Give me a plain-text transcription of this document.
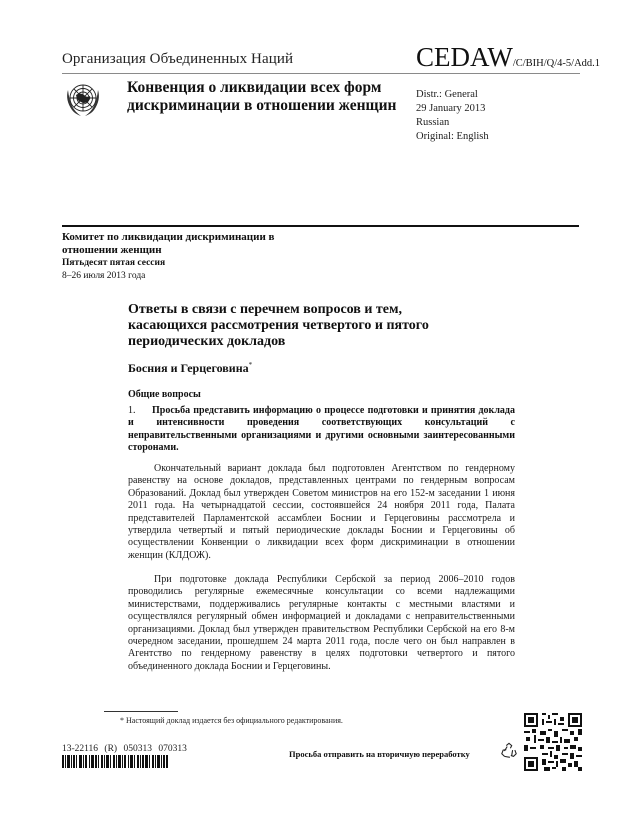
Организация Объединенных Наций	CEDAW/C/BIH/Q/4-5/Add.1
Конвенция о ликвидации всех форм дискриминации в отношении женщин
Distr.: General
29 January 2013
Russian
Original: English
Комитет по ликвидации дискриминации в отношении женщин
Пятьдесят пятая сессия
8–26 июля 2013 года
Ответы в связи с перечнем вопросов и тем, касающихся рассмотрения четвертого и пятого периодических докладов
Босния и Герцеговина*
Общие вопросы
1. Просьба представить информацию о процессе подготовки и принятия доклада и интенсивности проведения соответствующих консультаций с неправительственными организациями и другими основными заинтересованными сторонами.
Окончательный вариант доклада был подготовлен Агентством по гендерному равенству на основе докладов, представленных центрами по гендерным вопросам Образований. Доклад был утвержден Советом министров на его 152-м заседании 1 июня 2011 года. На четырнадцатой сессии, состоявшейся 24 ноября 2011 года, Палата представителей Парламентской ассамблеи Боснии и Герцеговины рассмотрела и утвердила четвертый и пятый периодические доклады Боснии и Герцеговины об осуществлении Конвенции о ликвидации всех форм дискриминации в отношении женщин (КЛДОЖ).
При подготовке доклада Республики Сербской за период 2006–2010 годов проводились регулярные ежемесячные консультации со всеми надлежащими министерствами, поддерживались регулярные контакты с местными властями и осуществлялся регулярный обмен информацией и докладами с неправительственными организациями. Доклад был утвержден правительством Республики Сербской на его 8-м очередном заседании, прошедшем 24 марта 2011 года, после чего он был направлен в Агентство по гендерному равенству в целях подготовки четвертого и пятого объединенного доклада Боснии и Герцеговины.
* Настоящий доклад издается без официального редактирования.
13-22116 (R) 050313 070313	Просьба отправить на вторичную переработку
